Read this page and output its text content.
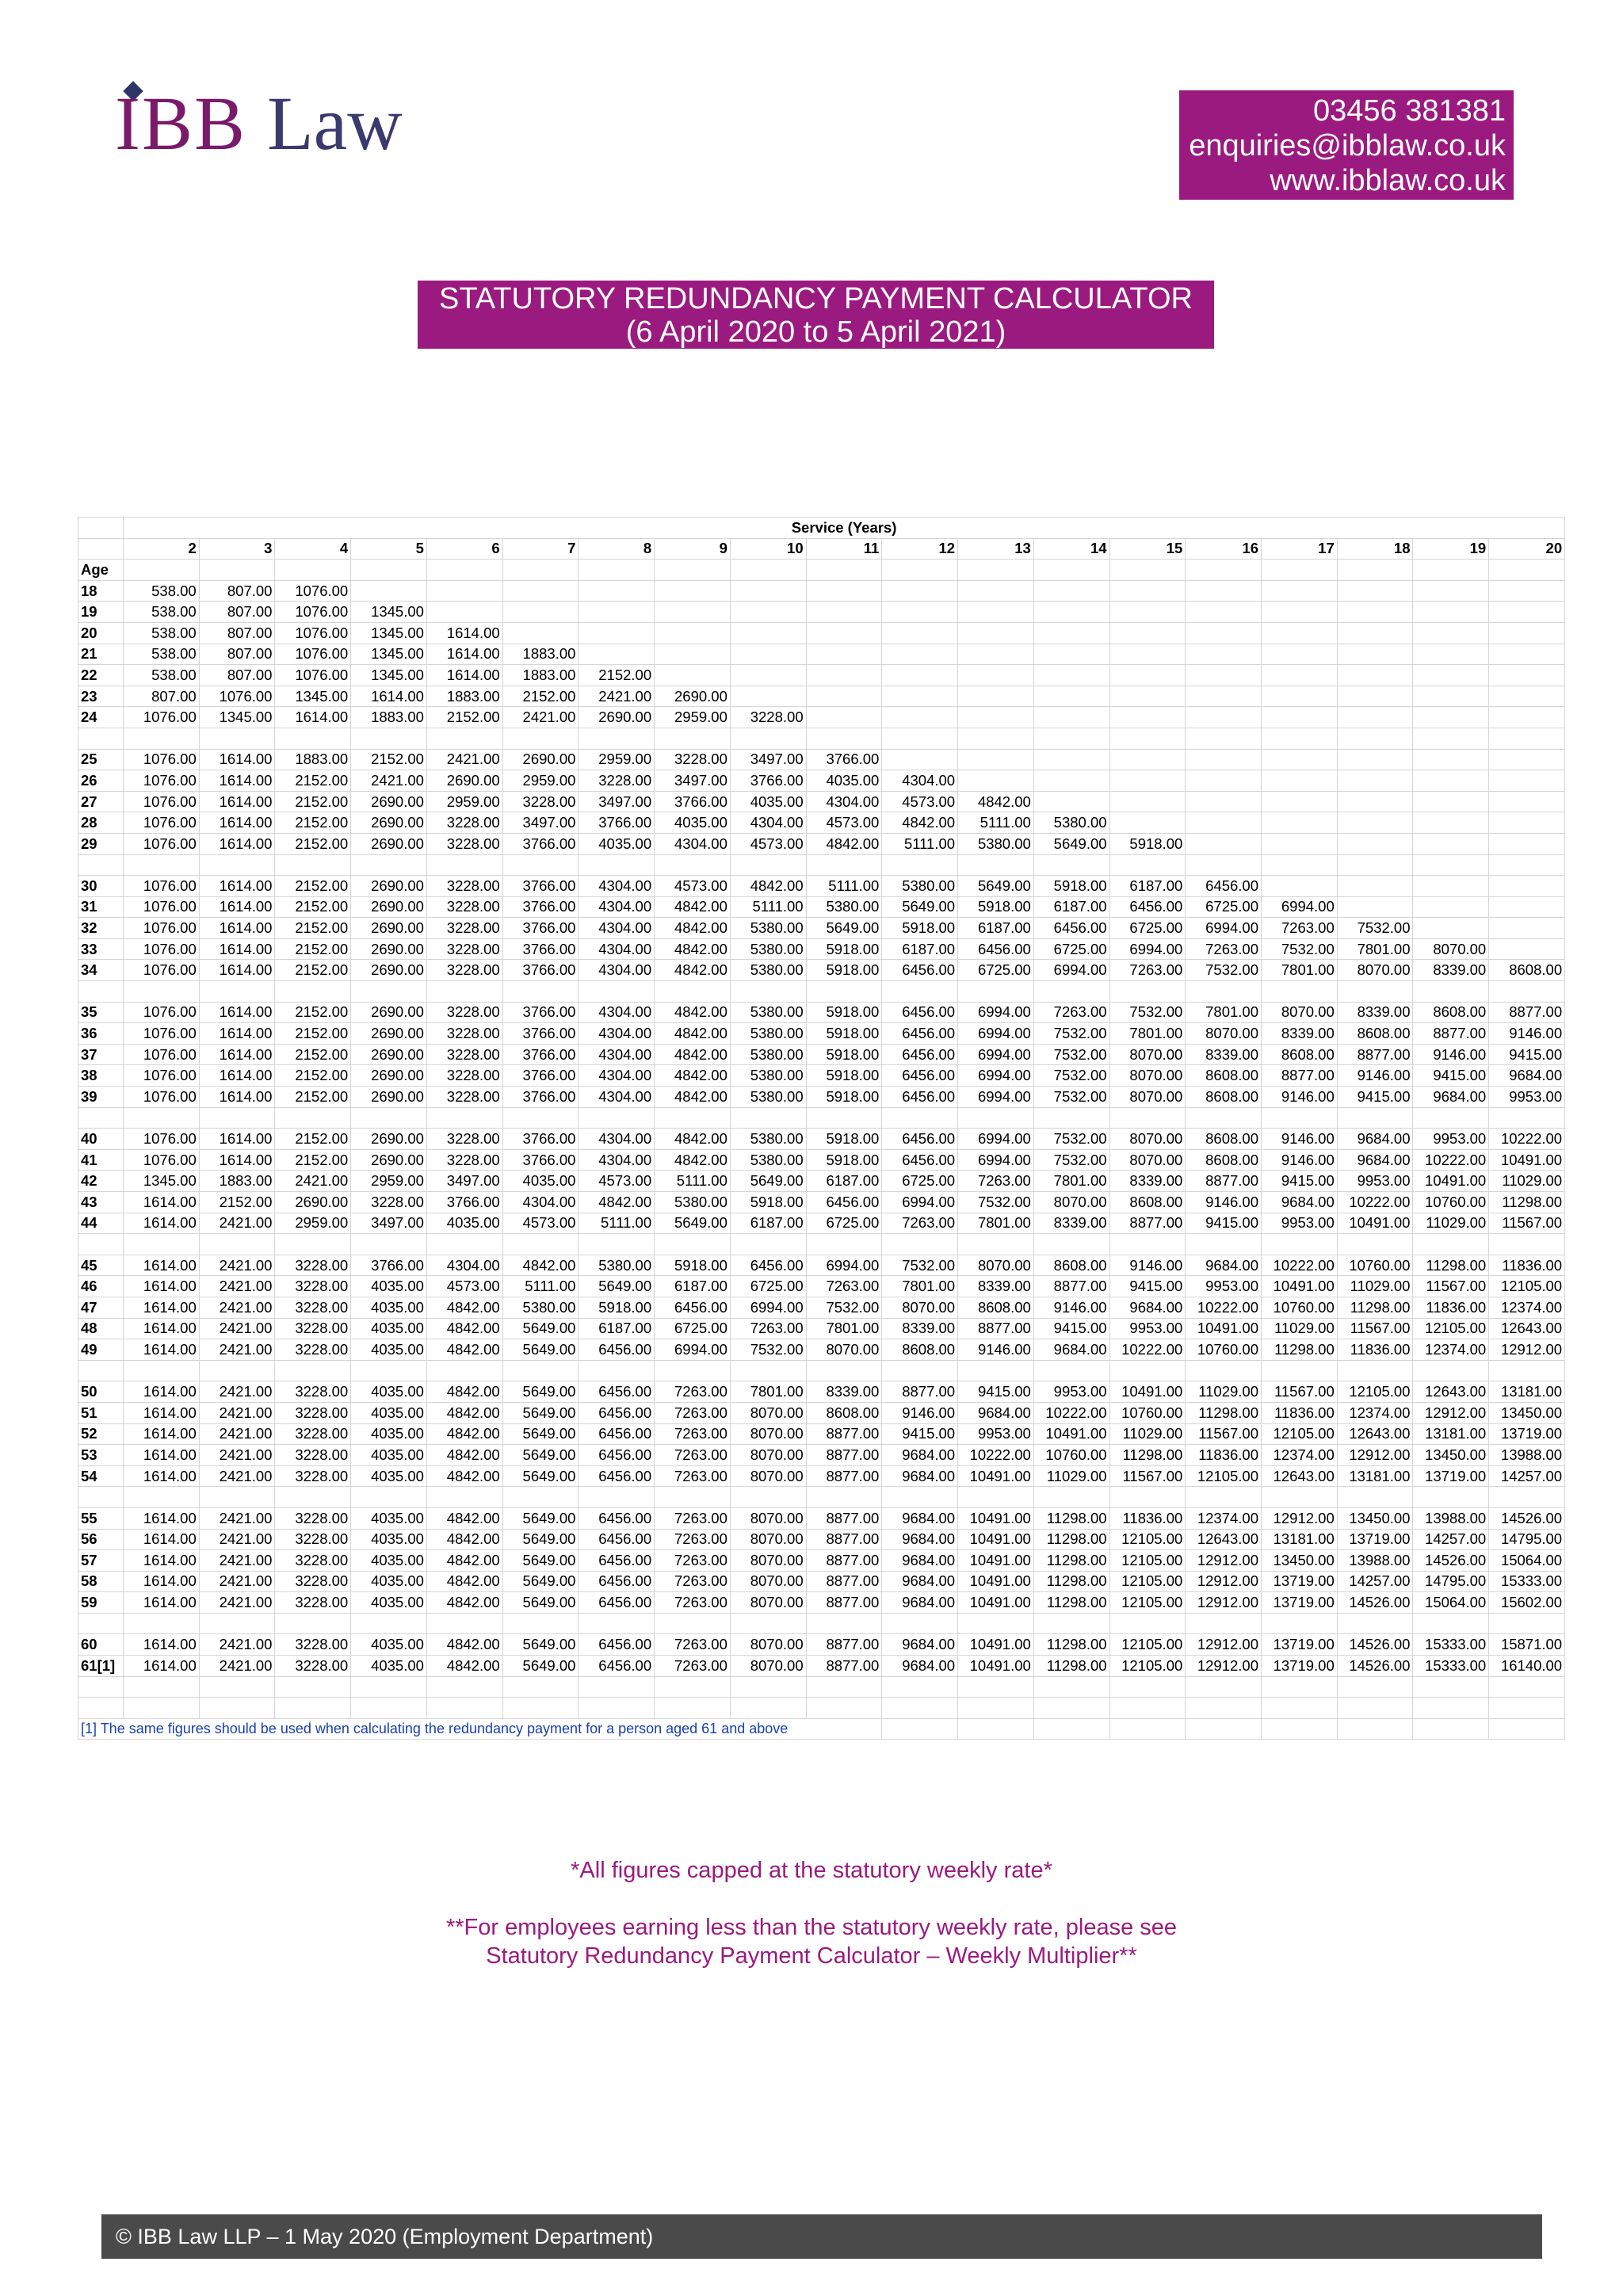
IBB Law	03456 381381
enquiries@ibblaw.co.uk
www.ibblaw.co.uk
STATUTORY REDUNDANCY PAYMENT CALCULATOR
(6 April 2020 to 5 April 2021)
	Service (Years)																		
	2	3	4	5	6	7	8	9	10	11	12	13	14	15	16	17	18	19	20
Age																			
18	538.00	807.00	1076.00																
19	538.00	807.00	1076.00	1345.00															
20	538.00	807.00	1076.00	1345.00	1614.00														
21	538.00	807.00	1076.00	1345.00	1614.00	1883.00													
22	538.00	807.00	1076.00	1345.00	1614.00	1883.00	2152.00												
23	807.00	1076.00	1345.00	1614.00	1883.00	2152.00	2421.00	2690.00											
24	1076.00	1345.00	1614.00	1883.00	2152.00	2421.00	2690.00	2959.00	3228.00										

25	1076.00	1614.00	1883.00	2152.00	2421.00	2690.00	2959.00	3228.00	3497.00	3766.00									
26	1076.00	1614.00	2152.00	2421.00	2690.00	2959.00	3228.00	3497.00	3766.00	4035.00	4304.00								
27	1076.00	1614.00	2152.00	2690.00	2959.00	3228.00	3497.00	3766.00	4035.00	4304.00	4573.00	4842.00							
28	1076.00	1614.00	2152.00	2690.00	3228.00	3497.00	3766.00	4035.00	4304.00	4573.00	4842.00	5111.00	5380.00						
29	1076.00	1614.00	2152.00	2690.00	3228.00	3766.00	4035.00	4304.00	4573.00	4842.00	5111.00	5380.00	5649.00	5918.00					

30	1076.00	1614.00	2152.00	2690.00	3228.00	3766.00	4304.00	4573.00	4842.00	5111.00	5380.00	5649.00	5918.00	6187.00	6456.00				
31	1076.00	1614.00	2152.00	2690.00	3228.00	3766.00	4304.00	4842.00	5111.00	5380.00	5649.00	5918.00	6187.00	6456.00	6725.00	6994.00			
32	1076.00	1614.00	2152.00	2690.00	3228.00	3766.00	4304.00	4842.00	5380.00	5649.00	5918.00	6187.00	6456.00	6725.00	6994.00	7263.00	7532.00		
33	1076.00	1614.00	2152.00	2690.00	3228.00	3766.00	4304.00	4842.00	5380.00	5918.00	6187.00	6456.00	6725.00	6994.00	7263.00	7532.00	7801.00	8070.00	
34	1076.00	1614.00	2152.00	2690.00	3228.00	3766.00	4304.00	4842.00	5380.00	5918.00	6456.00	6725.00	6994.00	7263.00	7532.00	7801.00	8070.00	8339.00	8608.00

35	1076.00	1614.00	2152.00	2690.00	3228.00	3766.00	4304.00	4842.00	5380.00	5918.00	6456.00	6994.00	7263.00	7532.00	7801.00	8070.00	8339.00	8608.00	8877.00
36	1076.00	1614.00	2152.00	2690.00	3228.00	3766.00	4304.00	4842.00	5380.00	5918.00	6456.00	6994.00	7532.00	7801.00	8070.00	8339.00	8608.00	8877.00	9146.00
37	1076.00	1614.00	2152.00	2690.00	3228.00	3766.00	4304.00	4842.00	5380.00	5918.00	6456.00	6994.00	7532.00	8070.00	8339.00	8608.00	8877.00	9146.00	9415.00
38	1076.00	1614.00	2152.00	2690.00	3228.00	3766.00	4304.00	4842.00	5380.00	5918.00	6456.00	6994.00	7532.00	8070.00	8608.00	8877.00	9146.00	9415.00	9684.00
39	1076.00	1614.00	2152.00	2690.00	3228.00	3766.00	4304.00	4842.00	5380.00	5918.00	6456.00	6994.00	7532.00	8070.00	8608.00	9146.00	9415.00	9684.00	9953.00

40	1076.00	1614.00	2152.00	2690.00	3228.00	3766.00	4304.00	4842.00	5380.00	5918.00	6456.00	6994.00	7532.00	8070.00	8608.00	9146.00	9684.00	9953.00	10222.00
41	1076.00	1614.00	2152.00	2690.00	3228.00	3766.00	4304.00	4842.00	5380.00	5918.00	6456.00	6994.00	7532.00	8070.00	8608.00	9146.00	9684.00	10222.00	10491.00
42	1345.00	1883.00	2421.00	2959.00	3497.00	4035.00	4573.00	5111.00	5649.00	6187.00	6725.00	7263.00	7801.00	8339.00	8877.00	9415.00	9953.00	10491.00	11029.00
43	1614.00	2152.00	2690.00	3228.00	3766.00	4304.00	4842.00	5380.00	5918.00	6456.00	6994.00	7532.00	8070.00	8608.00	9146.00	9684.00	10222.00	10760.00	11298.00
44	1614.00	2421.00	2959.00	3497.00	4035.00	4573.00	5111.00	5649.00	6187.00	6725.00	7263.00	7801.00	8339.00	8877.00	9415.00	9953.00	10491.00	11029.00	11567.00

45	1614.00	2421.00	3228.00	3766.00	4304.00	4842.00	5380.00	5918.00	6456.00	6994.00	7532.00	8070.00	8608.00	9146.00	9684.00	10222.00	10760.00	11298.00	11836.00
46	1614.00	2421.00	3228.00	4035.00	4573.00	5111.00	5649.00	6187.00	6725.00	7263.00	7801.00	8339.00	8877.00	9415.00	9953.00	10491.00	11029.00	11567.00	12105.00
47	1614.00	2421.00	3228.00	4035.00	4842.00	5380.00	5918.00	6456.00	6994.00	7532.00	8070.00	8608.00	9146.00	9684.00	10222.00	10760.00	11298.00	11836.00	12374.00
48	1614.00	2421.00	3228.00	4035.00	4842.00	5649.00	6187.00	6725.00	7263.00	7801.00	8339.00	8877.00	9415.00	9953.00	10491.00	11029.00	11567.00	12105.00	12643.00
49	1614.00	2421.00	3228.00	4035.00	4842.00	5649.00	6456.00	6994.00	7532.00	8070.00	8608.00	9146.00	9684.00	10222.00	10760.00	11298.00	11836.00	12374.00	12912.00

50	1614.00	2421.00	3228.00	4035.00	4842.00	5649.00	6456.00	7263.00	7801.00	8339.00	8877.00	9415.00	9953.00	10491.00	11029.00	11567.00	12105.00	12643.00	13181.00
51	1614.00	2421.00	3228.00	4035.00	4842.00	5649.00	6456.00	7263.00	8070.00	8608.00	9146.00	9684.00	10222.00	10760.00	11298.00	11836.00	12374.00	12912.00	13450.00
52	1614.00	2421.00	3228.00	4035.00	4842.00	5649.00	6456.00	7263.00	8070.00	8877.00	9415.00	9953.00	10491.00	11029.00	11567.00	12105.00	12643.00	13181.00	13719.00
53	1614.00	2421.00	3228.00	4035.00	4842.00	5649.00	6456.00	7263.00	8070.00	8877.00	9684.00	10222.00	10760.00	11298.00	11836.00	12374.00	12912.00	13450.00	13988.00
54	1614.00	2421.00	3228.00	4035.00	4842.00	5649.00	6456.00	7263.00	8070.00	8877.00	9684.00	10491.00	11029.00	11567.00	12105.00	12643.00	13181.00	13719.00	14257.00

55	1614.00	2421.00	3228.00	4035.00	4842.00	5649.00	6456.00	7263.00	8070.00	8877.00	9684.00	10491.00	11298.00	11836.00	12374.00	12912.00	13450.00	13988.00	14526.00
56	1614.00	2421.00	3228.00	4035.00	4842.00	5649.00	6456.00	7263.00	8070.00	8877.00	9684.00	10491.00	11298.00	12105.00	12643.00	13181.00	13719.00	14257.00	14795.00
57	1614.00	2421.00	3228.00	4035.00	4842.00	5649.00	6456.00	7263.00	8070.00	8877.00	9684.00	10491.00	11298.00	12105.00	12912.00	13450.00	13988.00	14526.00	15064.00
58	1614.00	2421.00	3228.00	4035.00	4842.00	5649.00	6456.00	7263.00	8070.00	8877.00	9684.00	10491.00	11298.00	12105.00	12912.00	13719.00	14257.00	14795.00	15333.00
59	1614.00	2421.00	3228.00	4035.00	4842.00	5649.00	6456.00	7263.00	8070.00	8877.00	9684.00	10491.00	11298.00	12105.00	12912.00	13719.00	14526.00	15064.00	15602.00

60	1614.00	2421.00	3228.00	4035.00	4842.00	5649.00	6456.00	7263.00	8070.00	8877.00	9684.00	10491.00	11298.00	12105.00	12912.00	13719.00	14526.00	15333.00	15871.00
61[1]	1614.00	2421.00	3228.00	4035.00	4842.00	5649.00	6456.00	7263.00	8070.00	8877.00	9684.00	10491.00	11298.00	12105.00	12912.00	13719.00	14526.00	15333.00	16140.00

[1] The same figures should be used when calculating the redundancy payment for a person aged 61 and above																			
*All figures capped at the statutory weekly rate*
**For employees earning less than the statutory weekly rate, please see
Statutory Redundancy Payment Calculator – Weekly Multiplier**
© IBB Law LLP – 1 May 2020 (Employment Department)
